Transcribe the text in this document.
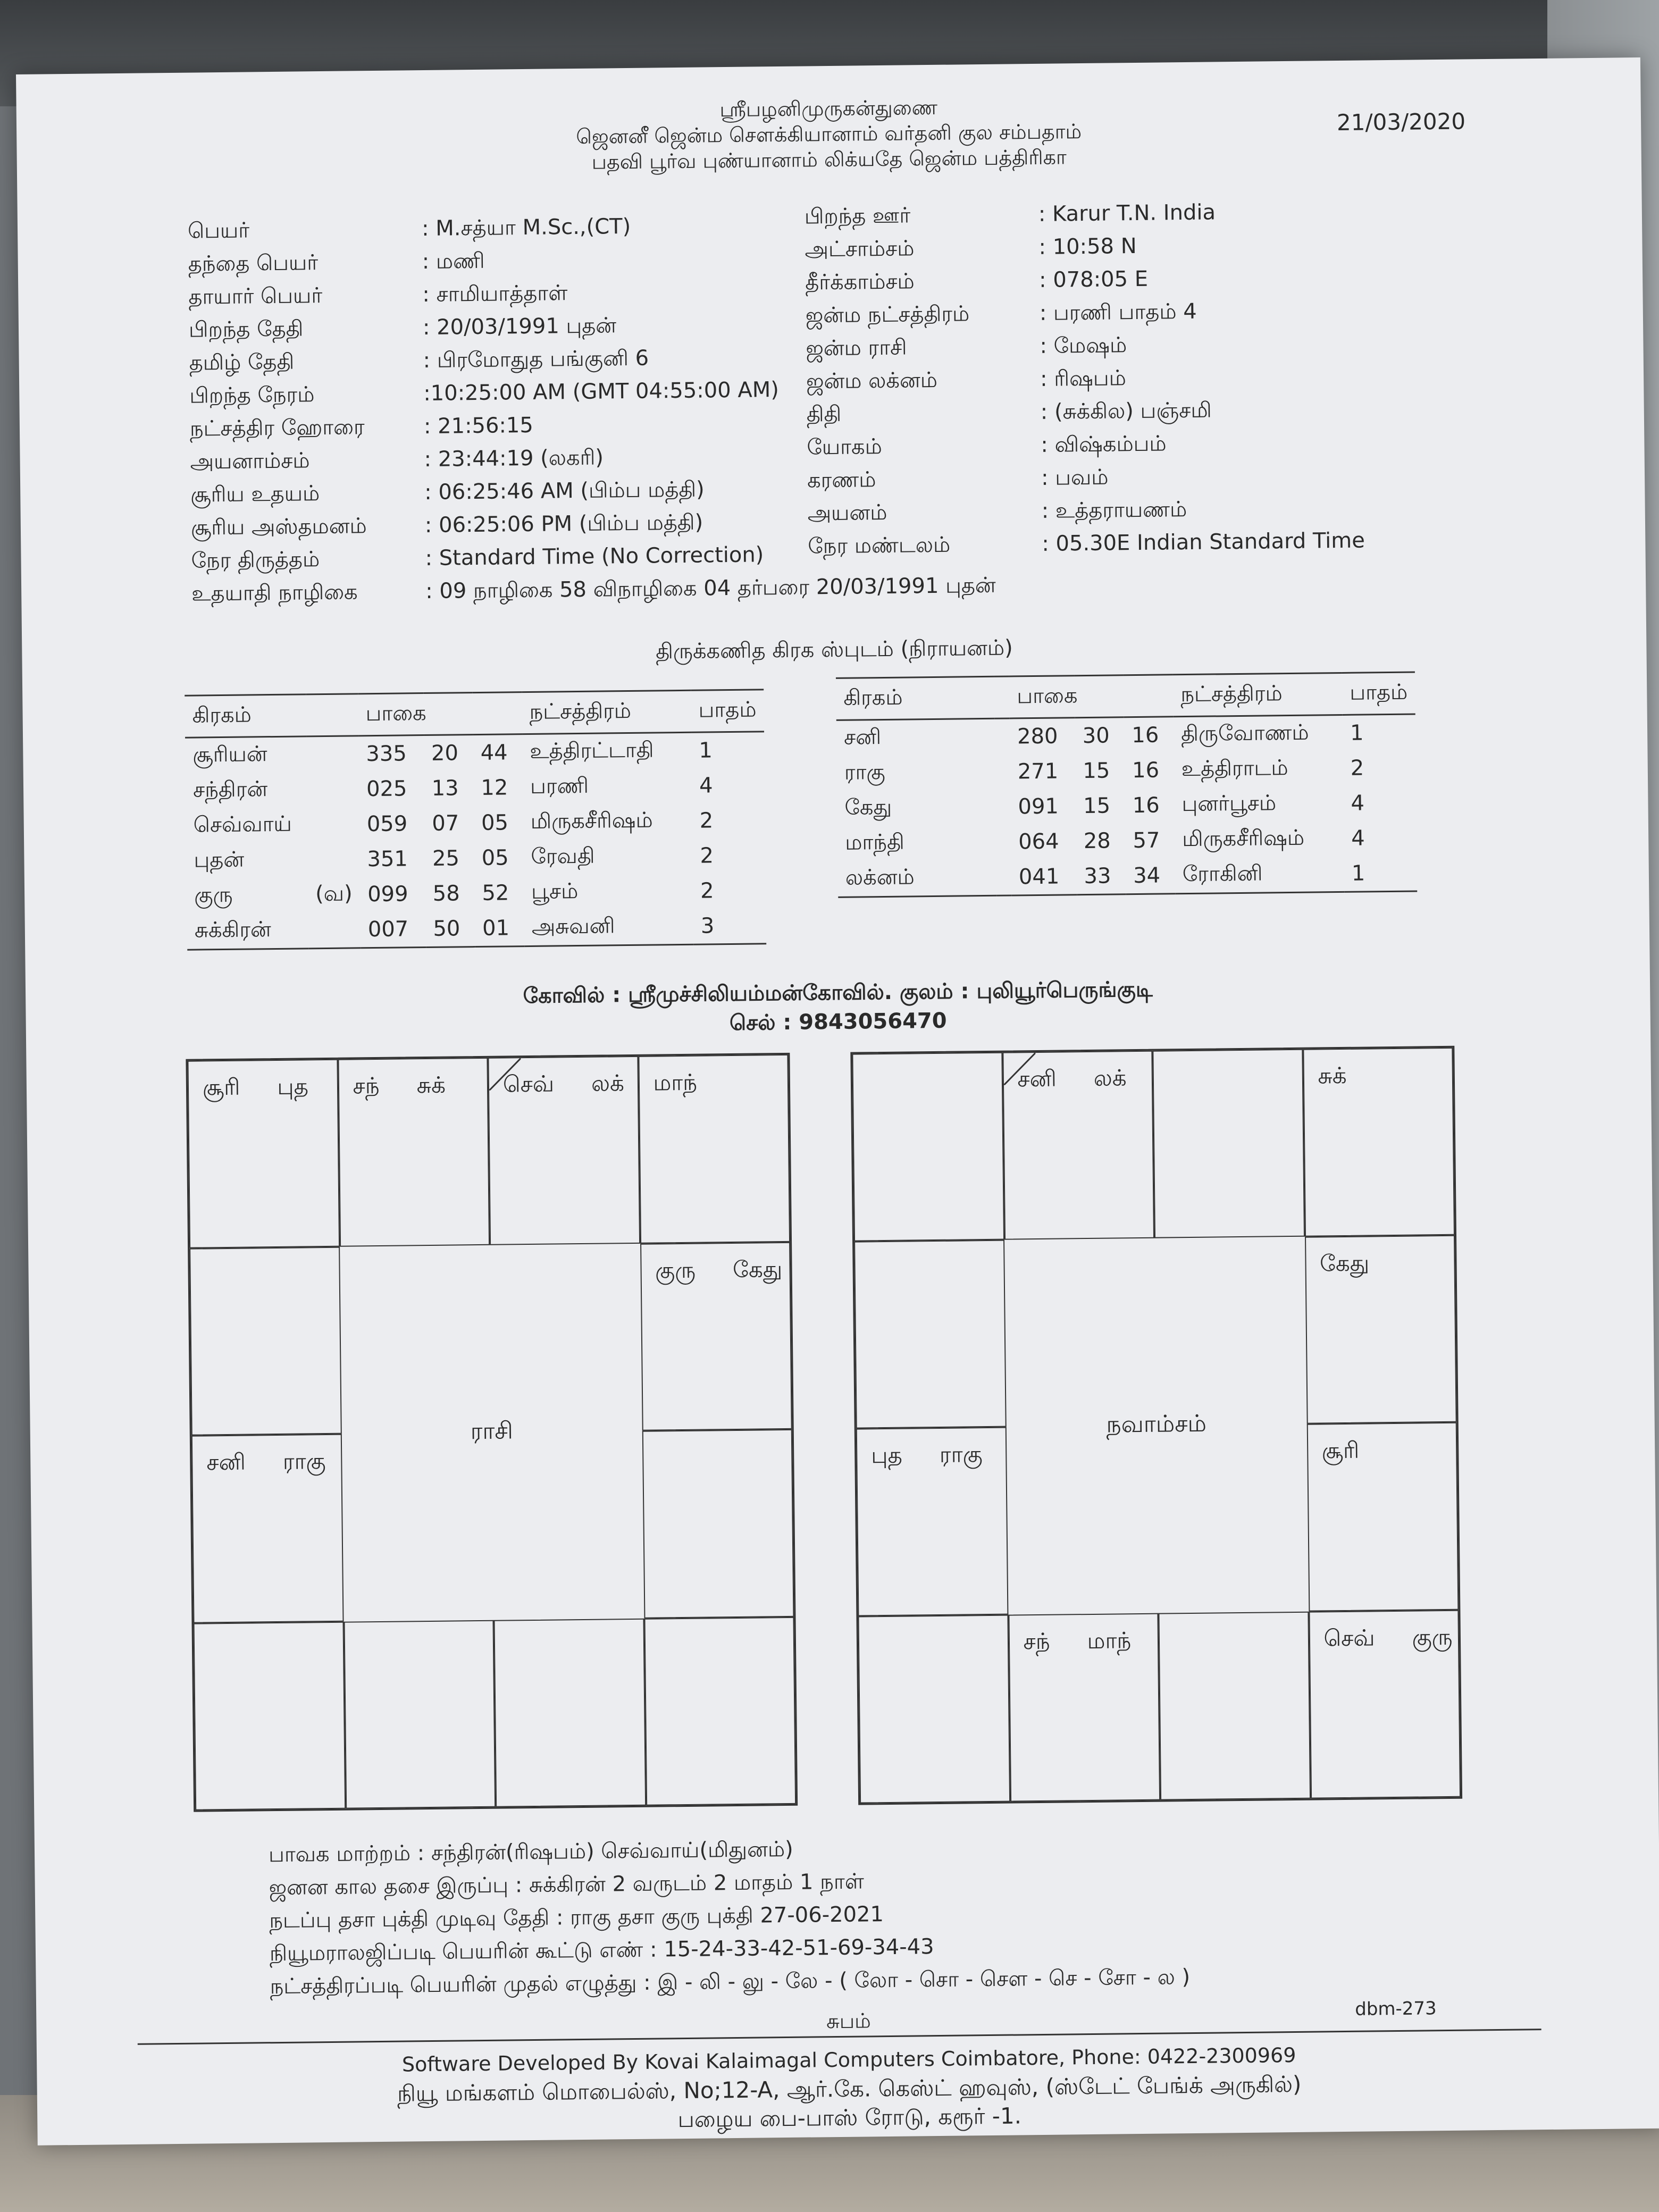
ஸ்ரீபழனிமுருகன்துணை
ஜெனனீ ஜென்ம சௌக்கியானாம் வர்தனி குல சம்பதாம்
பதவி பூர்வ புண்யானாம் லிக்யதே ஜென்ம பத்திரிகா
21/03/2020
பெயர்	: M.சத்யா M.Sc.,(CT)
தந்தை பெயர்	: மணி
தாயார் பெயர்	: சாமியாத்தாள்
பிறந்த தேதி	: 20/03/1991 புதன்
தமிழ் தேதி	: பிரமோதுத பங்குனி 6
பிறந்த நேரம்	:10:25:00 AM (GMT 04:55:00 AM)
நட்சத்திர ஹோரை	: 21:56:15
அயனாம்சம்	: 23:44:19 (லகரி)
சூரிய உதயம்	: 06:25:46 AM (பிம்ப மத்தி)
சூரிய அஸ்தமனம்	: 06:25:06 PM (பிம்ப மத்தி)
நேர திருத்தம்	: Standard Time (No Correction)
உதயாதி நாழிகை	: 09 நாழிகை 58 விநாழிகை 04 தர்பரை 20/03/1991 புதன்
பிறந்த ஊர்	: Karur T.N. India
அட்சாம்சம்	: 10:58 N
தீர்க்காம்சம்	: 078:05 E
ஜன்ம நட்சத்திரம்	: பரணி பாதம் 4
ஜன்ம ராசி	: மேஷம்
ஜன்ம லக்னம்	: ரிஷபம்
திதி	: (சுக்கில) பஞ்சமி
யோகம்	: விஷ்கம்பம்
கரணம்	: பவம்
அயனம்	: உத்தராயணம்
நேர மண்டலம்	: 05.30E Indian Standard Time
திருக்கணித கிரக ஸ்புடம் (நிராயனம்)
கிரகம்		பாகை			நட்சத்திரம்	பாதம்
சூரியன்		335	20	44	உத்திரட்டாதி	1
சந்திரன்		025	13	12	பரணி	4
செவ்வாய்		059	07	05	மிருகசீரிஷம்	2
புதன்		351	25	05	ரேவதி	2
குரு	(வ)	099	58	52	பூசம்	2
சுக்கிரன்		007	50	01	அசுவனி	3
கிரகம்		பாகை			நட்சத்திரம்	பாதம்
சனி		280	30	16	திருவோணம்	1
ராகு		271	15	16	உத்திராடம்	2
கேது		091	15	16	புனர்பூசம்	4
மாந்தி		064	28	57	மிருகசீரிஷம்	4
லக்னம்		041	33	34	ரோகினி	1
கோவில் : ஸ்ரீமுச்சிலியம்மன்கோவில். குலம் : புலியூர்பெருங்குடி
செல் : 9843056470
சூரி புத	சந் சுக்	செவ் லக்	மாந்
குரு கேது
சனி ராகு
ராசி
சனி லக்	சுக்
கேது
புத ராகு	சூரி
சந் மாந்	செவ் குரு
நவாம்சம்
பாவக மாற்றம் : சந்திரன்(ரிஷபம்) செவ்வாய்(மிதுனம்)
ஜனன கால தசை இருப்பு : சுக்கிரன் 2 வருடம் 2 மாதம் 1 நாள்
நடப்பு தசா புக்தி முடிவு தேதி : ராகு தசா குரு புக்தி 27-06-2021
நியூமராலஜிப்படி பெயரின் கூட்டு எண் : 15-24-33-42-51-69-34-43
நட்சத்திரப்படி பெயரின் முதல் எழுத்து : இ - லி - லு - லே - ( லோ - சொ - சௌ - செ - சோ - ல )
சுபம்
dbm-273
Software Developed By Kovai Kalaimagal Computers Coimbatore, Phone: 0422-2300969
நியூ மங்களம் மொபைல்ஸ், No;12-A, ஆர்.கே. கெஸ்ட் ஹவுஸ், (ஸ்டேட் பேங்க் அருகில்)
பழைய பை-பாஸ் ரோடு, கரூர் -1.
